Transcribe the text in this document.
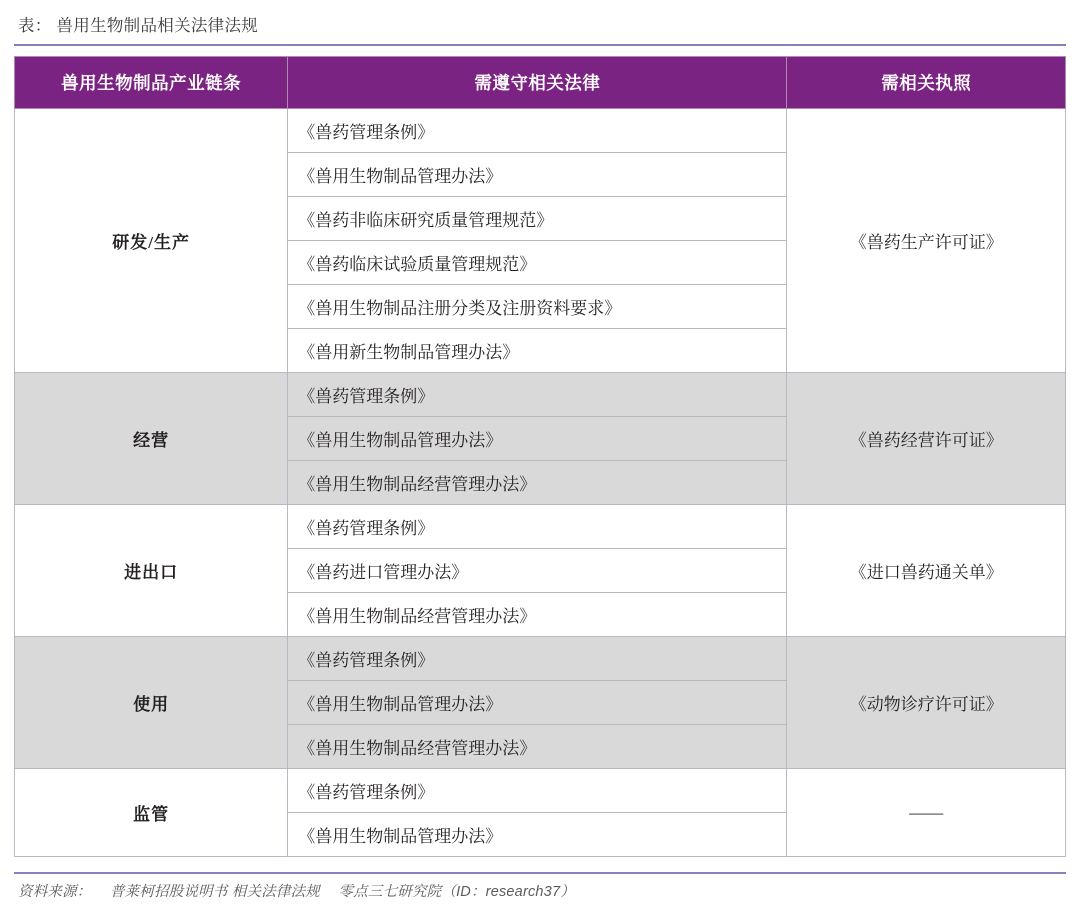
表： 兽用生物制品相关法律法规
兽用生物制品产业链条	需遵守相关法律	需相关执照
研发/生产	《兽药管理条例》	《兽药生产许可证》
	《兽用生物制品管理办法》	
	《兽药非临床研究质量管理规范》	
	《兽药临床试验质量管理规范》	
	《兽用生物制品注册分类及注册资料要求》	
	《兽用新生物制品管理办法》	
经营	《兽药管理条例》	《兽药经营许可证》
	《兽用生物制品管理办法》	
	《兽用生物制品经营管理办法》	
进出口	《兽药管理条例》	《进口兽药通关单》
	《兽药进口管理办法》	
	《兽用生物制品经营管理办法》	
使用	《兽药管理条例》	《动物诊疗许可证》
	《兽用生物制品管理办法》	
	《兽用生物制品经营管理办法》	
监管	《兽药管理条例》	——
	《兽用生物制品管理办法》	
资料来源： 普莱柯招股说明书 相关法律法规 零点三七研究院（ID：research37）
